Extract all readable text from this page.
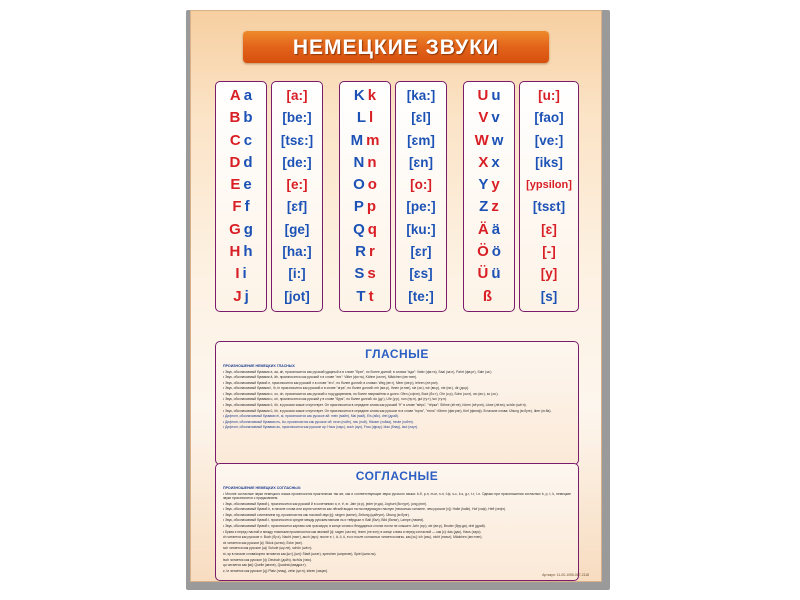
НЕМЕЦКИЕ ЗВУКИ
A a
B b
C c
D d
E e
F f
G g
H h
I i
J j
[a:]
[be:]
[tsɛ:]
[de:]
[e:]
[ɛf]
[ge]
[ha:]
[i:]
[jot]
K k
L l
M m
N n
O o
P p
Q q
R r
S s
T t
[ka:]
[ɛl]
[ɛm]
[ɛn]
[o:]
[pe:]
[ku:]
[ɛr]
[ɛs]
[te:]
U u
V v
W w
X x
Y y
Z z
Ä ä
Ö ö
Ü ü
ß
[u:]
[fao]
[ve:]
[iks]
[ypsilon]
[tsɛt]
[ɛ]
[-]
[y]
[s]
ГЛАСНЫЕ
ПРОИЗНОШЕНИЕ НЕМЕЦКИХ ГЛАСНЫХ

• Звук, обозначаемый буквами a, aa, ah, произносится как русский ударный а в слове "брат", но более долгий; в словах "иди": Vater (фа:та), Saal (за:л), Fahrt (фа:рт), Sale (за:)

• Звук, обозначаемый буквами ä, äh, произносится как русский э в слове "эти": Väter (фэ:та), Kähne (кэ:не), Mädchen (мэ:тхен).

• Звук, обозначаемый буквой е, произносится как русский э в слове "это", но более долгий; в словах: Weg (ве:г), Meer (ме:р), lehren (ле:рэн).

• Звук, обозначаемый буквами i, ih, ie произносится как русский и в слове "игра", но более долгий: mir (ми:р), Ihnen (и:нэн), sie (зи:), wir (ви:р), nie (ни:), dir (ди:р).

• Звук, обозначаемый буквами o, oo, oh, произносится как русский о под ударением, но более напряжённо и долго: Ofen (о:фэн), Boot (бо:т), Ohr (о:р), Sohn (зо:н), wo (во:), so (зо:).

• Звук, обозначаемый буквами u, uh, произносится как русский у в слове "буря", но более долгий: du (ду:), Uhr (у:р), nun (ну:н), gut (гу:т), tun (ту:н).

• Звук, обозначаемый буквами ö, öh, в русском языке отсутствует. Он произносится в середине слова как русский "ё" в слове "мёрз", "тёрка": Söhne (зё:не), hören (хё:рэн), Löwe (лё:вэ), schön (шё:н).

• Звук, обозначаемый буквами ü, üh, в русском языке отсутствует. Он произносится в середине слова как русское ю в слове "юрта", "тюль": führen (фю:рэн), fünf (фюнф). В начале слова: Übung (ю:бунг), über (ю:ба).

• Дифтонг, обозначаемый буквами ei, ai, произносится как русское ай: mein (майн), Mai (май), Eis (айс), drei (драй).

• Дифтонг, обозначаемый буквами eu, äu, произносится как русское ой: neun (нойн), neu (ной), Häuser (хойза), heute (хойтэ).

• Дифтонг, обозначаемый буквами au, произносится как русское ау: Haus (хаус), auch (аух), Frau (фрау), blau (блау), laut (лаут).

СОГЛАСНЫЕ
ПРОИЗНОШЕНИЕ НЕМЕЦКИХ СОГЛАСНЫХ:

• Многие согласные звуки немецкого языка произносятся практически так же, как и соответствующие звуки русского языка: b-б, p-п, m-м, n-н, f-ф, s-с, k-к, g-г, t-т, l-л. Однако при произношении согласных b, p, t, k, немецкие звуки произносятся с придыханием.

• Звук, обозначаемый буквой j, произносится как русский й в сочетаниях я, е, ё, ю: Jahr (я:р), jeder (е:да), Joghurt (йо:гурт), jung (юнг).

• Звук, обозначаемый буквой h, в начале слова или корня читается как лёгкий выдох на последующую гласную (несколько сильнее, чем русское [х]): Halle (halle), Hof (хоф), Heft (хефт).

• Звук, обозначаемый сочетанием ng, произносится как носовой звук [ŋ]: singen (зинэн), Zeitung (цайтунг), Übung (ю:бунг).

• Звук, обозначаемый буквой l, произносится средне между русским мягким ль и твёрдым л: Ball (бал), Bild (бильт), Lampe (лампэ).

• Звук, обозначаемый буквой r, произносится картаво или грассируя; в конце слова и безударных слогах почти не слышен: Jahr (я:р), wir (ви:р), Bruder (бру:да), drei (драй).

• Буква s перед гласной и между гласными произносится как звонкий [з]: sagen (за:гэн), lesen (ле:зэн); в конце слова и перед согласной — как [с]: das (дас), Haus (хаус).

ch читается как русское х: Buch (бу:х), Nacht (нахт), auch (аух); после e, i, ä, ö, ü, eu и после согласных читается мягко, как [хь]: ich (ихь), nicht (нихьт), Mädchen (мэ:тхен).

ck читается как русское [к]: Stück (штюк), Ecke (эке).

sch читается как русское [ш]: Schule (шу:ле), schön (шё:н).

st, sp в начале слова/корня читаются как [шт], [шп]: Stadt (штат), sprechen (шпрэхэн), Spiel (шпи:ль).

tsch читается как русское [ч]: Deutsch (дойч), tschüs (чюс).

qu читается как [кв]: Quelle (квэле), Quadrat (квадра:т).

z, tz читается как русское [ц]: Platz (плац), zehn (це:н), sitzen (зицэн).

Артикул: 11-00-1055-087-2118
